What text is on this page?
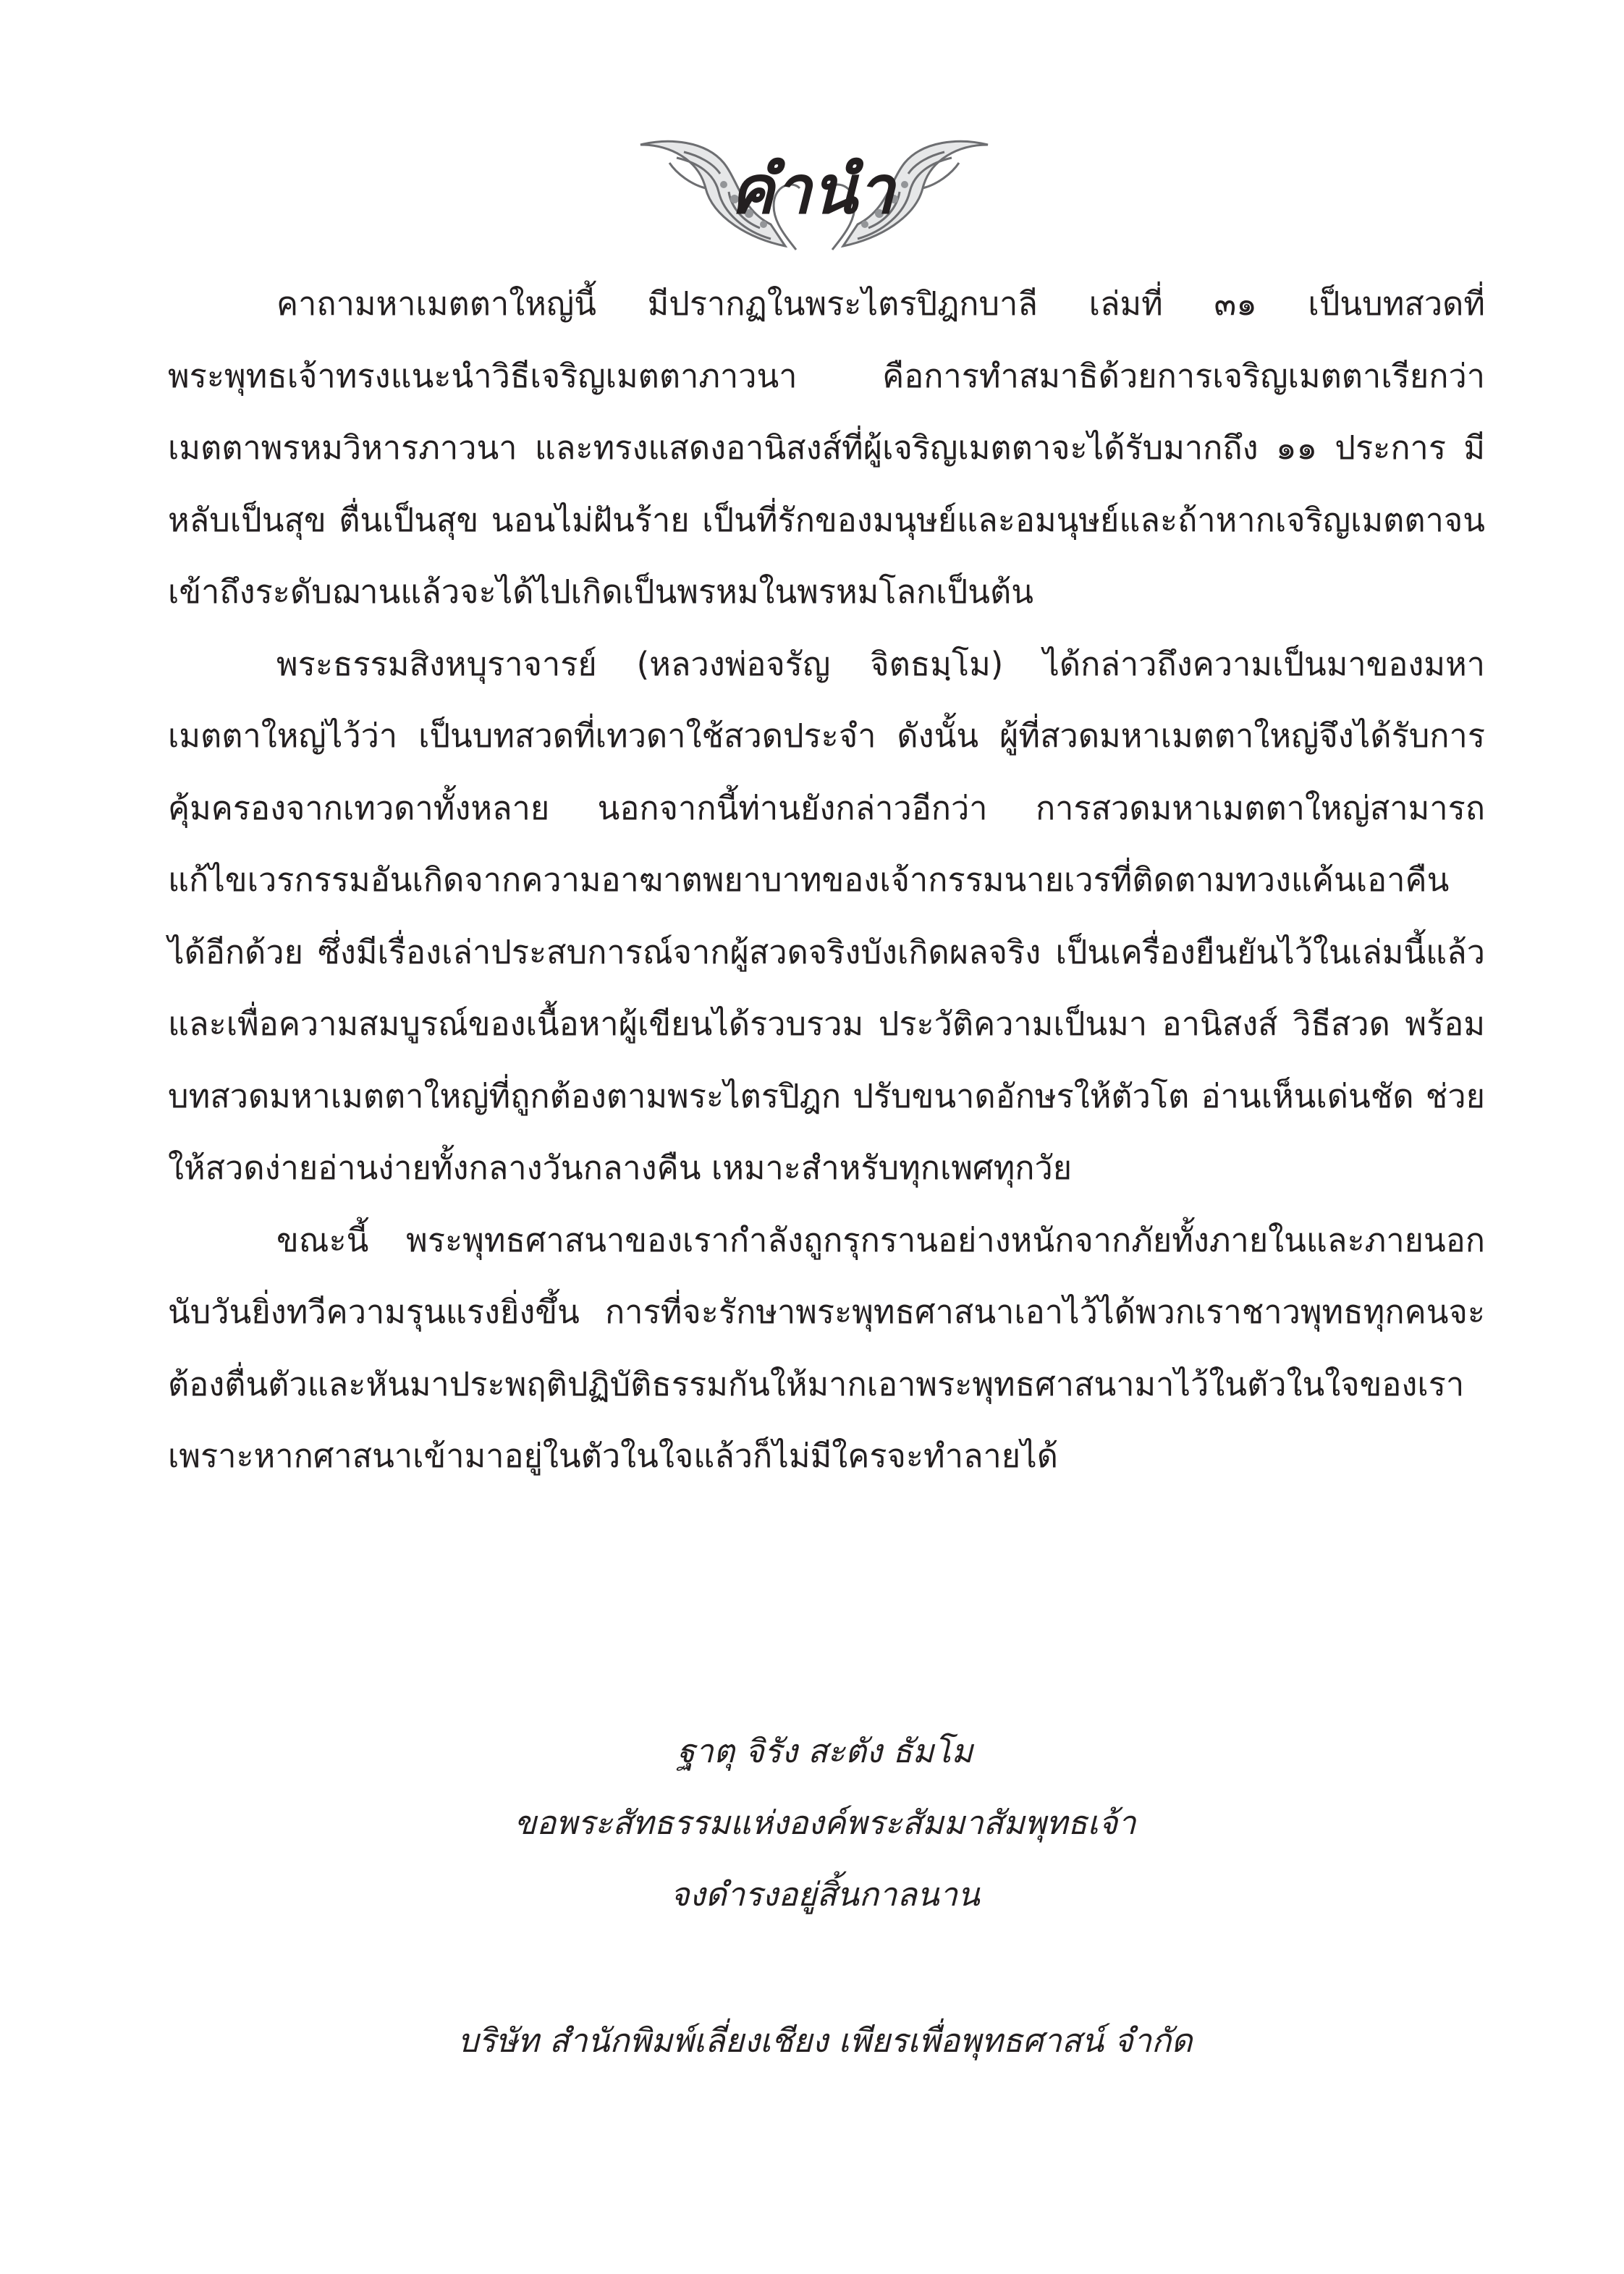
คำนำ

คาถามหาเมตตาใหญ่นี้ มีปรากฏในพระไตรปิฎกบาลี เล่มที่ ๓๑ เป็นบทสวดที่พระพุทธเจ้าทรงแนะนำวิธีเจริญเมตตาภาวนา คือการทำสมาธิด้วยการเจริญเมตตาเรียกว่า เมตตาพรหมวิหารภาวนา และทรงแสดงอานิสงส์ที่ผู้เจริญเมตตาจะได้รับมากถึง ๑๑ ประการ มีหลับเป็นสุข ตื่นเป็นสุข นอนไม่ฝันร้าย เป็นที่รักของมนุษย์และอมนุษย์และถ้าหากเจริญเมตตาจนเข้าถึงระดับฌานแล้วจะได้ไปเกิดเป็นพรหมในพรหมโลกเป็นต้น

พระธรรมสิงหบุราจารย์ (หลวงพ่อจรัญ จิตธมฺโม) ได้กล่าวถึงความเป็นมาของมหาเมตตาใหญ่ไว้ว่า เป็นบทสวดที่เทวดาใช้สวดประจำ ดังนั้น ผู้ที่สวดมหาเมตตาใหญ่จึงได้รับการคุ้มครองจากเทวดาทั้งหลาย นอกจากนี้ท่านยังกล่าวอีกว่า การสวดมหาเมตตาใหญ่สามารถแก้ไขเวรกรรมอันเกิดจากความอาฆาตพยาบาทของเจ้ากรรมนายเวรที่ติดตามทวงแค้นเอาคืนได้อีกด้วย ซึ่งมีเรื่องเล่าประสบการณ์จากผู้สวดจริงบังเกิดผลจริง เป็นเครื่องยืนยันไว้ในเล่มนี้แล้ว และเพื่อความสมบูรณ์ของเนื้อหาผู้เขียนได้รวบรวม ประวัติความเป็นมา อานิสงส์ วิธีสวด พร้อมบทสวดมหาเมตตาใหญ่ที่ถูกต้องตามพระไตรปิฎก ปรับขนาดอักษรให้ตัวโต อ่านเห็นเด่นชัด ช่วยให้สวดง่ายอ่านง่ายทั้งกลางวันกลางคืน เหมาะสำหรับทุกเพศทุกวัย

ขณะนี้ พระพุทธศาสนาของเรากำลังถูกรุกรานอย่างหนักจากภัยทั้งภายในและภายนอก นับวันยิ่งทวีความรุนแรงยิ่งขึ้น การที่จะรักษาพระพุทธศาสนาเอาไว้ได้พวกเราชาวพุทธทุกคนจะต้องตื่นตัวและหันมาประพฤติปฏิบัติธรรมกันให้มากเอาพระพุทธศาสนามาไว้ในตัวในใจของเรา เพราะหากศาสนาเข้ามาอยู่ในตัวในใจแล้วก็ไม่มีใครจะทำลายได้

ฐาตุ จิรัง สะตัง ธัมโม
ขอพระสัทธรรมแห่งองค์พระสัมมาสัมพุทธเจ้า
จงดำรงอยู่สิ้นกาลนาน
บริษัท สำนักพิมพ์เลี่ยงเชียง เพียรเพื่อพุทธศาสน์ จำกัด
